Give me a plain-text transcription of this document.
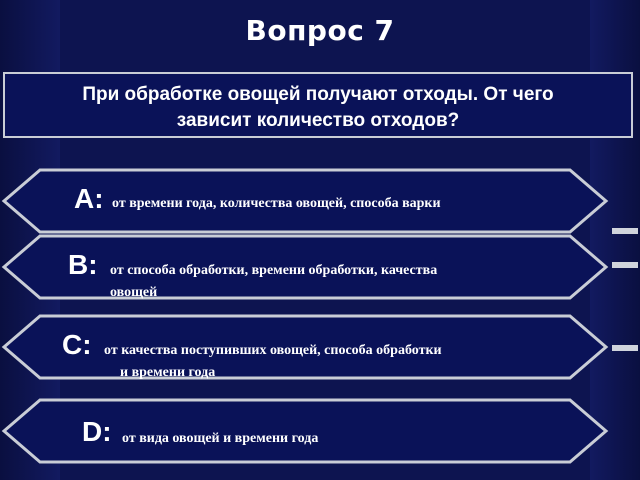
Вопрос 7
При обработке овощей получают отходы. От чего
зависит количество отходов?
A: от времени года, количества овощей, способа варки
B: от способа обработки, времени обработки, качества
овощей
C: от качества поступивших овощей, способа обработки
и времени года
D: от вида овощей и времени года
